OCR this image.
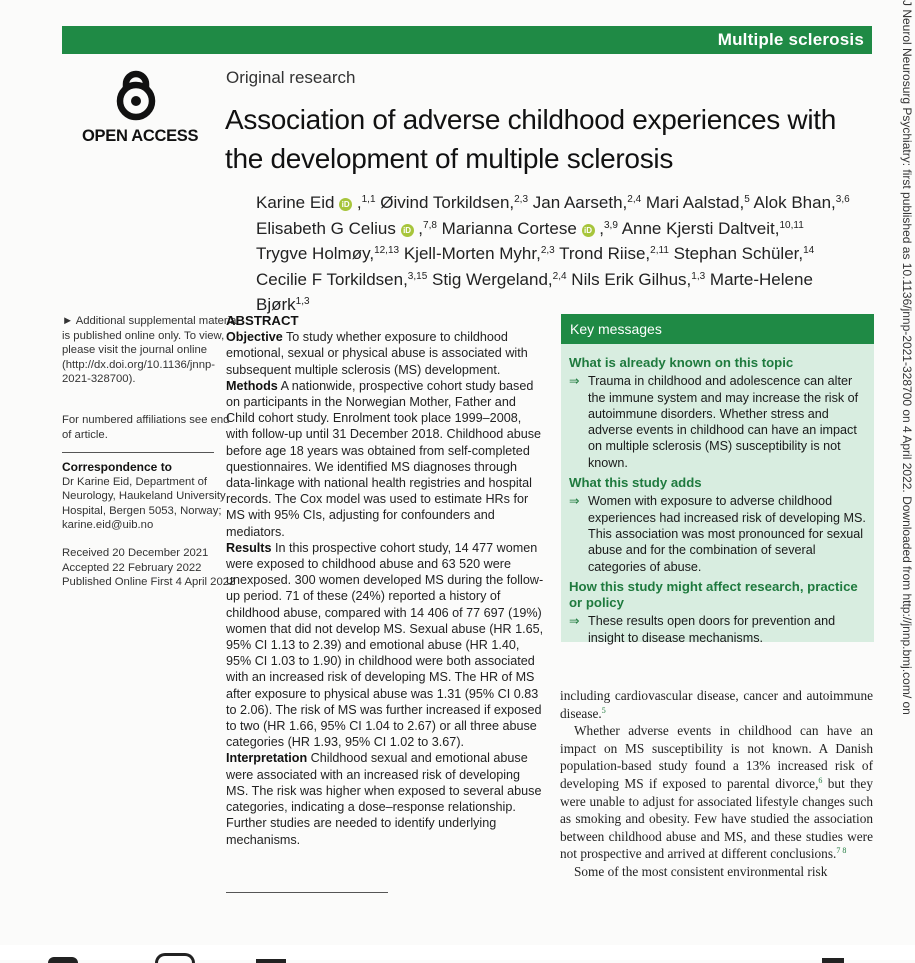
Multiple sclerosis	J Neurol Neurosurg Psychiatry: first published as 10.1136/jnnp-2021-328700 on 4 April 2022. Downloaded from http://jnnp.bmj.com/ on
OPEN ACCESS
Original research
Association of adverse childhood experiences with the development of multiple sclerosis
Karine Eid iD ,$^{1,1}$ Øivind Torkildsen,$^{2,3}$ Jan Aarseth,$^{2,4}$ Mari Aalstad,$^5$ Alok Bhan,$^{3,6}$
Elisabeth G Celius iD ,$^{7,8}$ Marianna Cortese iD ,$^{3,9}$ Anne Kjersti Daltveit,$^{10,11}$
Trygve Holmøy,$^{12,13}$ Kjell-Morten Myhr,$^{2,3}$ Trond Riise,$^{2,11}$ Stephan Schüler,$^{14}$
Cecilie F Torkildsen,$^{3,15}$ Stig Wergeland,$^{2,4}$ Nils Erik Gilhus,$^{1,3}$ Marte-Helene Bjørk$^{1,3}$

► Additional supplemental material is published online only. To view, please visit the journal online (http://dx.doi.org/10.1136/jnnp-2021-328700).

For numbered affiliations see end of article.
Correspondence to
Dr Karine Eid, Department of Neurology, Haukeland University Hospital, Bergen 5053, Norway; karine.eid@uib.no
Received 20 December 2021
Accepted 22 February 2022
Published Online First 4 April 2022
ABSTRACT

Objective To study whether exposure to childhood emotional, sexual or physical abuse is associated with subsequent multiple sclerosis (MS) development.

Methods A nationwide, prospective cohort study based on participants in the Norwegian Mother, Father and Child cohort study. Enrolment took place 1999–2008, with follow-up until 31 December 2018. Childhood abuse before age 18 years was obtained from self-completed questionnaires. We identified MS diagnoses through data-linkage with national health registries and hospital records. The Cox model was used to estimate HRs for MS with 95% CIs, adjusting for confounders and mediators.

Results In this prospective cohort study, 14 477 women were exposed to childhood abuse and 63 520 were unexposed. 300 women developed MS during the follow-up period. 71 of these (24%) reported a history of childhood abuse, compared with 14 406 of 77 697 (19%) women that did not develop MS. Sexual abuse (HR 1.65, 95% CI 1.13 to 2.39) and emotional abuse (HR 1.40, 95% CI 1.03 to 1.90) in childhood were both associated with an increased risk of developing MS. The HR of MS after exposure to physical abuse was 1.31 (95% CI 0.83 to 2.06). The risk of MS was further increased if exposed to two (HR 1.66, 95% CI 1.04 to 2.67) or all three abuse categories (HR 1.93, 95% CI 1.02 to 3.67).

Interpretation Childhood sexual and emotional abuse were associated with an increased risk of developing MS. The risk was higher when exposed to several abuse categories, indicating a dose–response relationship. Further studies are needed to identify underlying mechanisms.

Key messages
What is already known on this topic

⇒ Trauma in childhood and adolescence can alter the immune system and may increase the risk of autoimmune disorders. Whether stress and adverse events in childhood can have an impact on multiple sclerosis (MS) susceptibility is not known.

What this study adds

⇒ Women with exposure to adverse childhood experiences had increased risk of developing MS. This association was most pronounced for sexual abuse and for the combination of several categories of abuse.

How this study might affect research, practice or policy

⇒ These results open doors for prevention and insight to disease mechanisms.

including cardiovascular disease, cancer and autoimmune disease.$^5$

Whether adverse events in childhood can have an impact on MS susceptibility is not known. A Danish population-based study found a 13% increased risk of developing MS if exposed to parental divorce,$^6$ but they were unable to adjust for associated lifestyle changes such as smoking and obesity. Few have studied the association between childhood abuse and MS, and these studies were not prospective and arrived at different conclusions.$^{7 8}$

Some of the most consistent environmental risk
